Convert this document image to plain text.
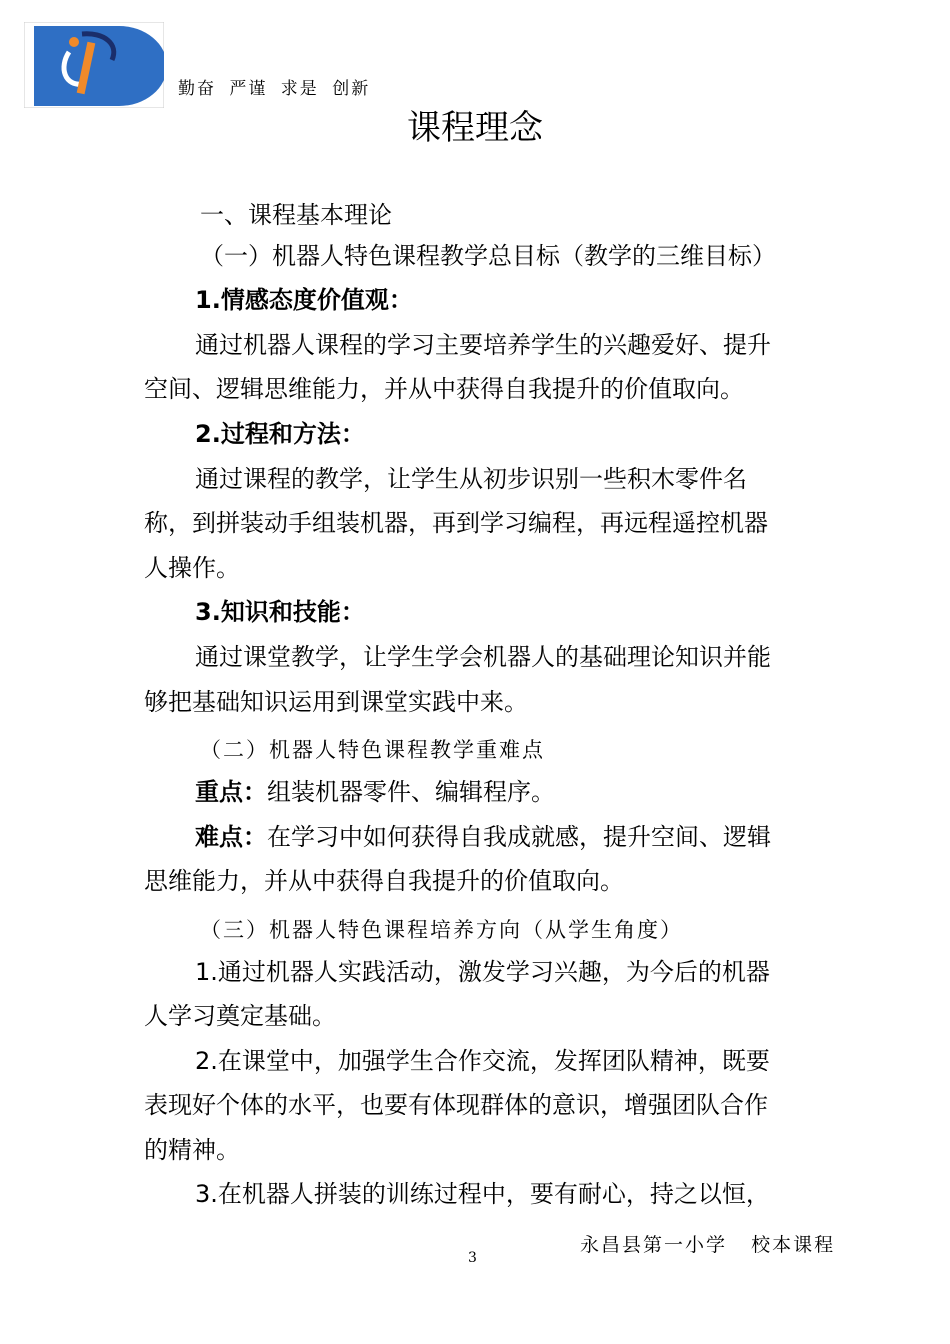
勤奋 严谨 求是 创新
课程理念
一、课程基本理论
（一）机器人特色课程教学总目标（教学的三维目标）
1.情感态度价值观：
通过机器人课程的学习主要培养学生的兴趣爱好、提升
空间、逻辑思维能力，并从中获得自我提升的价值取向。
2.过程和方法：
通过课程的教学，让学生从初步识别一些积木零件名
称，到拼装动手组装机器，再到学习编程，再远程遥控机器
人操作。
3.知识和技能：
通过课堂教学，让学生学会机器人的基础理论知识并能
够把基础知识运用到课堂实践中来。
（二）机器人特色课程教学重难点
重点：组装机器零件、编辑程序。
难点：在学习中如何获得自我成就感，提升空间、逻辑
思维能力，并从中获得自我提升的价值取向。
（三）机器人特色课程培养方向（从学生角度）
1.通过机器人实践活动，激发学习兴趣，为今后的机器
人学习奠定基础。
2.在课堂中，加强学生合作交流，发挥团队精神，既要
表现好个体的水平，也要有体现群体的意识，增强团队合作
的精神。
3.在机器人拼装的训练过程中，要有耐心，持之以恒，
永昌县第一小学   校本课程
3
